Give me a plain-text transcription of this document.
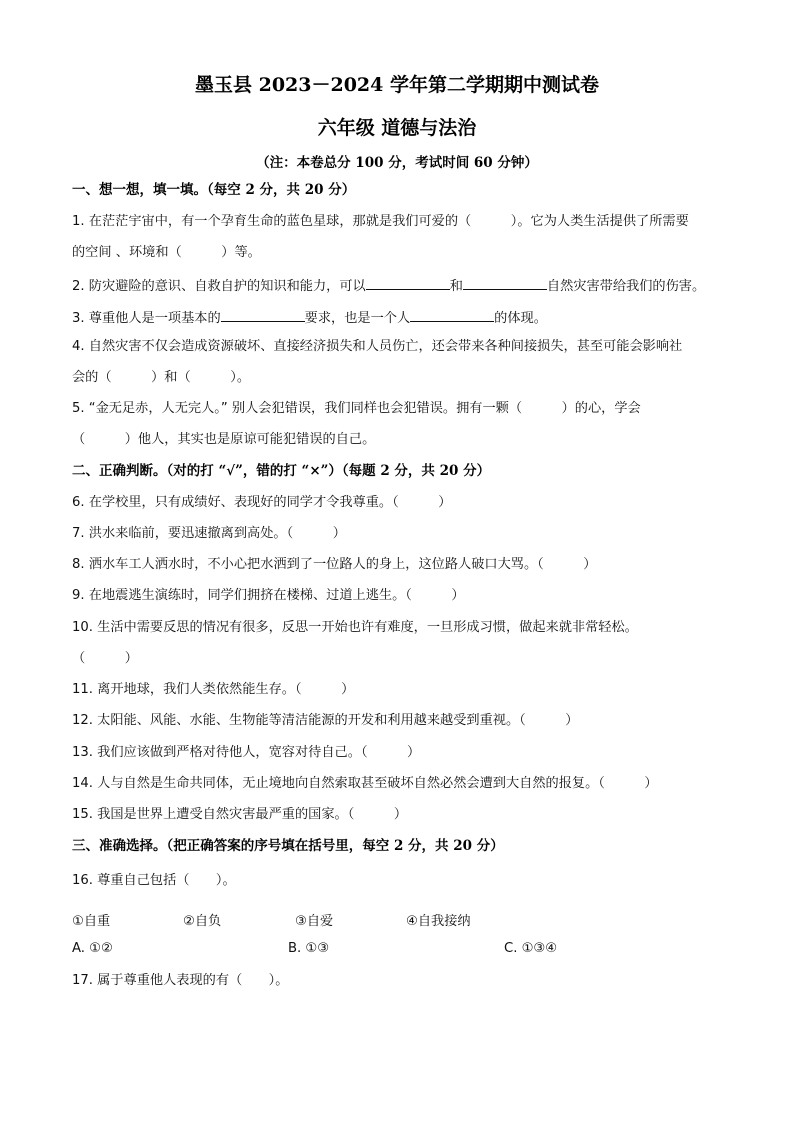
墨玉县 2023－2024 学年第二学期期中测试卷
六年级 道德与法治
（注：本卷总分 100 分，考试时间 60 分钟）
一、想一想，填一填。（每空 2 分，共 20 分）
1. 在茫茫宇宙中，有一个孕育生命的蓝色星球，那就是我们可爱的（　　　）。它为人类生活提供了所需要
的空间 、环境和（　　　）等。
2. 防灾避险的意识、自救自护的知识和能力，可以	和	自然灾害带给我们的伤害。
3. 尊重他人是一项基本的	要求，也是一个人	的体现。
4. 自然灾害不仅会造成资源破坏、直接经济损失和人员伤亡，还会带来各种间接损失，甚至可能会影响社
会的（　　　）和（　　　）。
5. “金无足赤，人无完人。” 别人会犯错误，我们同样也会犯错误。拥有一颗（　　　）的心，学会
（　　　）他人，其实也是原谅可能犯错误的自己。
二、正确判断。（对的打 “√”，错的打 “×”）（每题 2 分，共 20 分）
6. 在学校里，只有成绩好、表现好的同学才令我尊重。（　　　）
7. 洪水来临前，要迅速撤离到高处。（　　　）
8. 洒水车工人洒水时，不小心把水洒到了一位路人的身上，这位路人破口大骂。（　　　）
9. 在地震逃生演练时，同学们拥挤在楼梯、过道上逃生。（　　　）
10. 生活中需要反思的情况有很多，反思一开始也许有难度，一旦形成习惯，做起来就非常轻松。
（　　　）
11. 离开地球，我们人类依然能生存。（　　　）
12. 太阳能、风能、水能、生物能等清洁能源的开发和利用越来越受到重视。（　　　）
13. 我们应该做到严格对待他人，宽容对待自己。（　　　）
14. 人与自然是生命共同体，无止境地向自然索取甚至破坏自然必然会遭到大自然的报复。（　　　）
15. 我国是世界上遭受自然灾害最严重的国家。（　　　）
三、准确选择。（把正确答案的序号填在括号里，每空 2 分，共 20 分）
16. 尊重自己包括（　　）。
①自重	②自负	③自爱	④自我接纳
A. ①②	B. ①③	C. ①③④
17. 属于尊重他人表现的有（　　）。
